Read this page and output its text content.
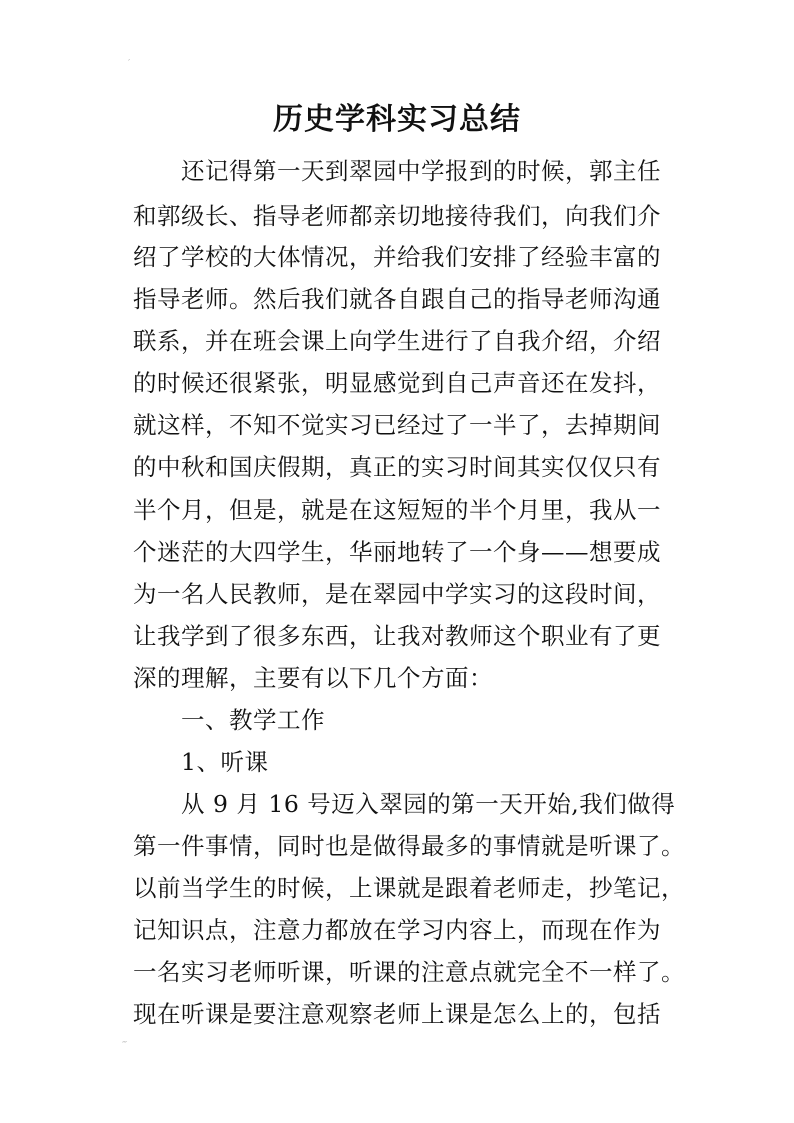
′
历史学科实习总结
还记得第一天到翠园中学报到的时候，郭主任
和郭级长、指导老师都亲切地接待我们，向我们介
绍了学校的大体情况，并给我们安排了经验丰富的
指导老师。然后我们就各自跟自己的指导老师沟通
联系，并在班会课上向学生进行了自我介绍，介绍
的时候还很紧张，明显感觉到自己声音还在发抖，
就这样，不知不觉实习已经过了一半了，去掉期间
的中秋和国庆假期，真正的实习时间其实仅仅只有
半个月，但是，就是在这短短的半个月里，我从一
个迷茫的大四学生，华丽地转了一个身——想要成
为一名人民教师，是在翠园中学实习的这段时间，
让我学到了很多东西，让我对教师这个职业有了更
深的理解，主要有以下几个方面：
一、教学工作
1、听课
从 9 月 16 号迈入翠园的第一天开始,我们做得
第一件事情，同时也是做得最多的事情就是听课了。
以前当学生的时候，上课就是跟着老师走，抄笔记，
记知识点，注意力都放在学习内容上，而现在作为
一名实习老师听课，听课的注意点就完全不一样了。
现在听课是要注意观察老师上课是怎么上的，包括
‴
